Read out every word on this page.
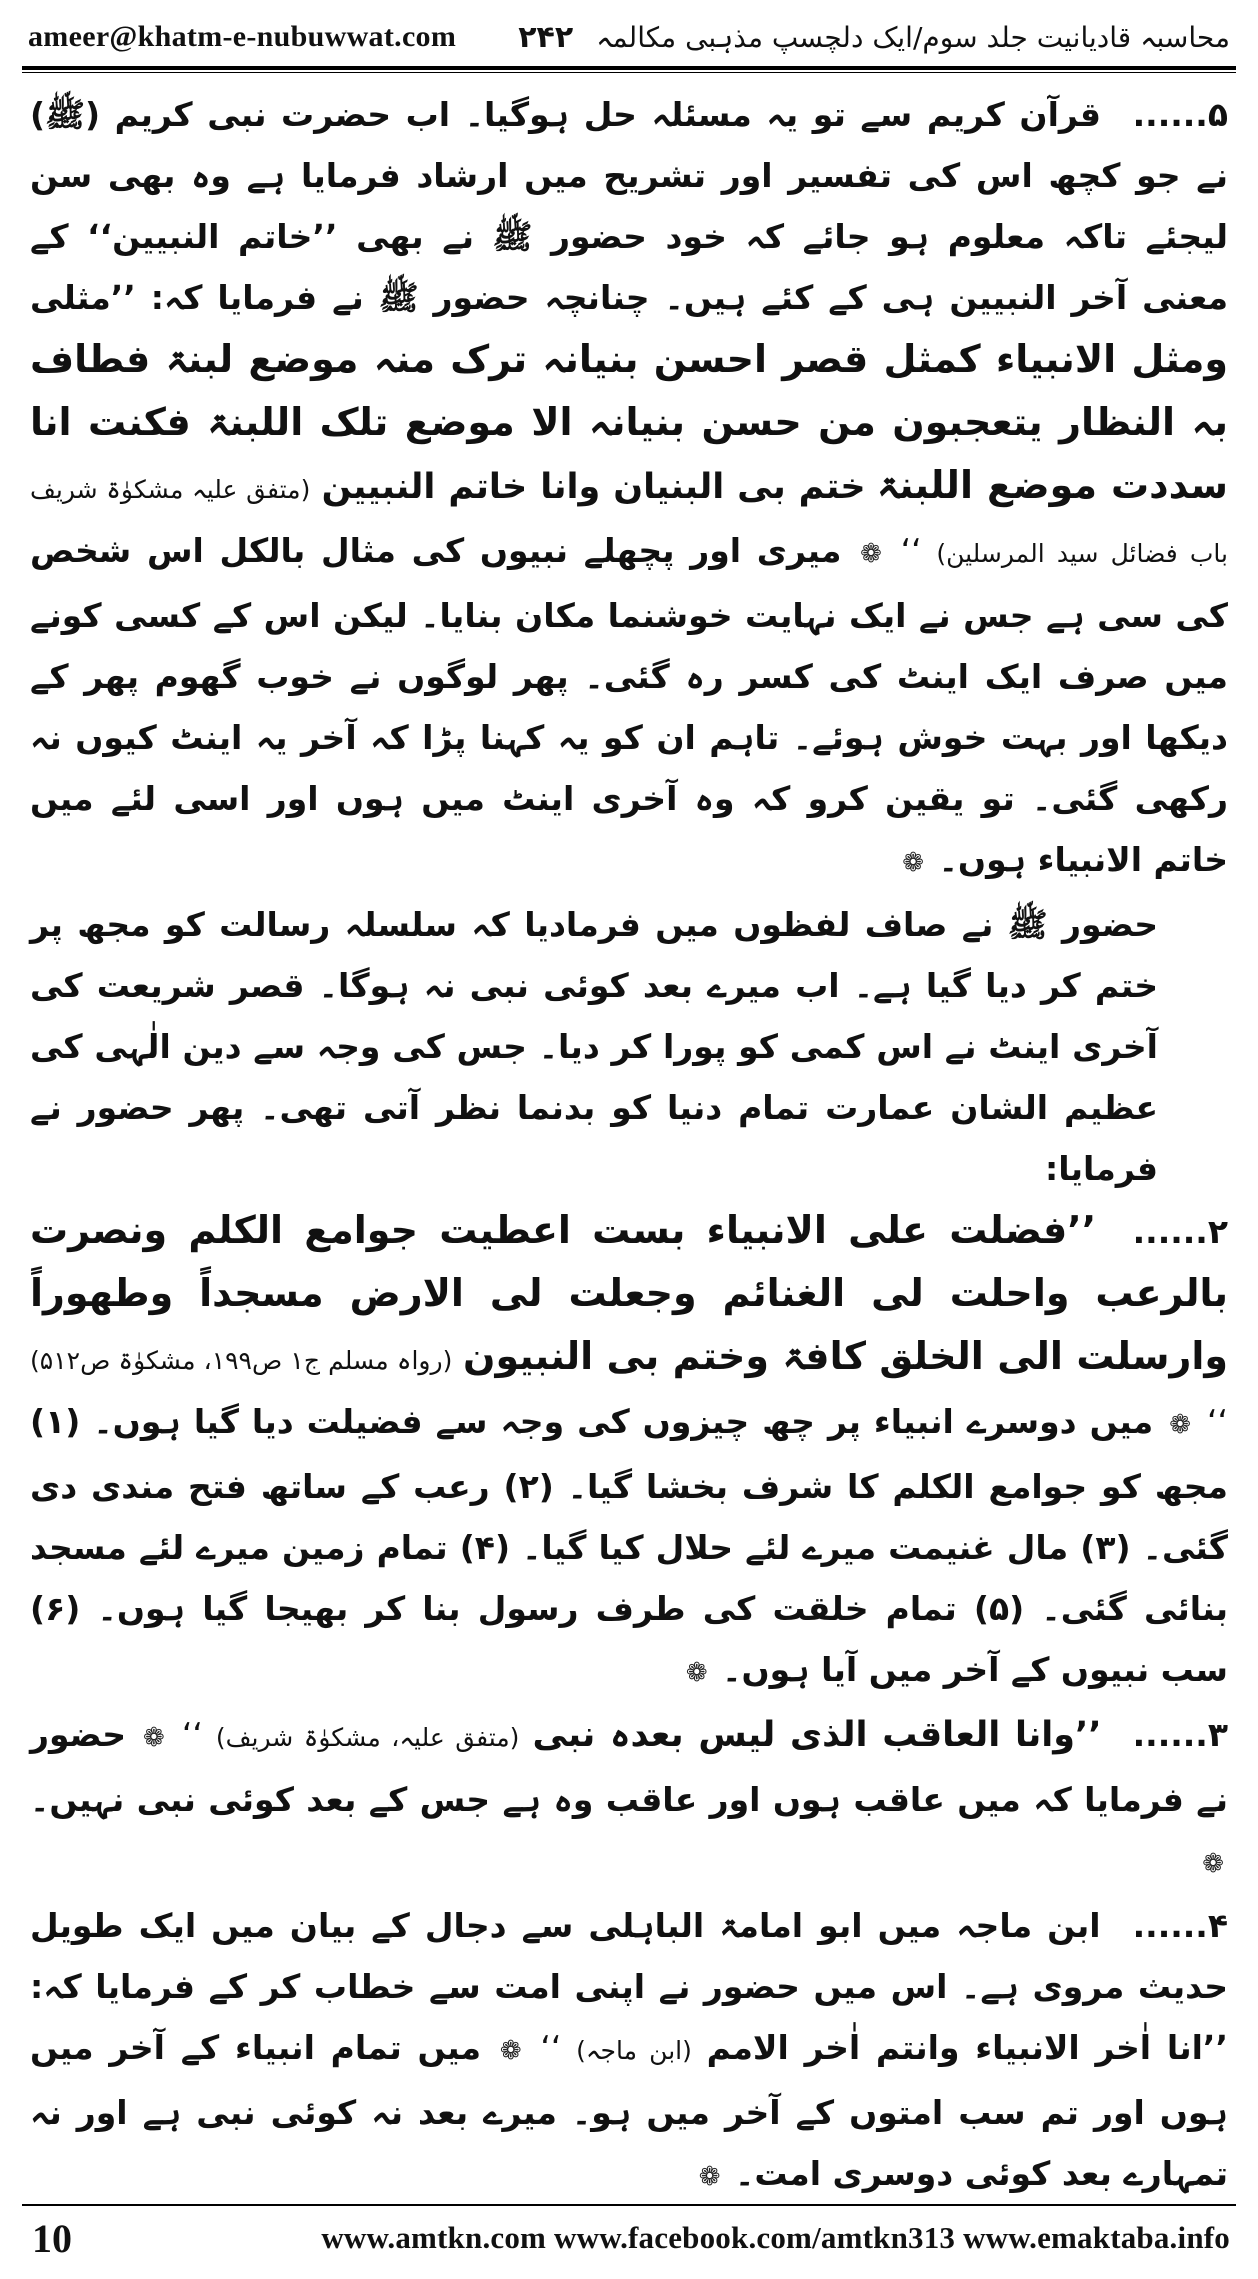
ameer@khatm-e-nubuwwat.com	محاسبہ قادیانیت جلد سوم/ایک دلچسپ مذہبی مکالمہ ۲۴۲

۵...... قرآن کریم سے تو یہ مسئلہ حل ہوگیا۔ اب حضرت نبی کریم (ﷺ) نے جو کچھ اس کی تفسیر اور تشریح میں ارشاد فرمایا ہے وہ بھی سن لیجئے تاکہ معلوم ہو جائے کہ خود حضور ﷺ نے بھی ’’خاتم النبیین‘‘ کے معنی آخر النبیین ہی کے کئے ہیں۔ چنانچہ حضور ﷺ نے فرمایا کہ: ’’مثلی ومثل الانبیاء کمثل قصر احسن بنیانہ ترک منہ موضع لبنۃ فطاف بہ النظار یتعجبون من حسن بنیانہ الا موضع تلک اللبنۃ فکنت انا سددت موضع اللبنۃ ختم بی البنیان وانا خاتم النبیین (متفق علیہ مشکوٰۃ شریف باب فضائل سید المرسلین) ‘‘ ❁ میری اور پچھلے نبیوں کی مثال بالکل اس شخص کی سی ہے جس نے ایک نہایت خوشنما مکان بنایا۔ لیکن اس کے کسی کونے میں صرف ایک اینٹ کی کسر رہ گئی۔ پھر لوگوں نے خوب گھوم پھر کے دیکھا اور بہت خوش ہوئے۔ تاہم ان کو یہ کہنا پڑا کہ آخر یہ اینٹ کیوں نہ رکھی گئی۔ تو یقین کرو کہ وہ آخری اینٹ میں ہوں اور اسی لئے میں خاتم الانبیاء ہوں۔ ❁

حضور ﷺ نے صاف لفظوں میں فرمادیا کہ سلسلہ رسالت کو مجھ پر ختم کر دیا گیا ہے۔ اب میرے بعد کوئی نبی نہ ہوگا۔ قصر شریعت کی آخری اینٹ نے اس کمی کو پورا کر دیا۔ جس کی وجہ سے دین الٰہی کی عظیم الشان عمارت تمام دنیا کو بدنما نظر آتی تھی۔ پھر حضور نے فرمایا:

۲...... ’’فضلت علی الانبیاء بست اعطیت جوامع الکلم ونصرت بالرعب واحلت لی الغنائم وجعلت لی الارض مسجداً وطھوراً وارسلت الی الخلق کافۃ وختم بی النبیون (رواہ مسلم ج۱ ص۱۹۹، مشکوٰۃ ص۵۱۲) ‘‘ ❁ میں دوسرے انبیاء پر چھ چیزوں کی وجہ سے فضیلت دیا گیا ہوں۔ (۱) مجھ کو جوامع الکلم کا شرف بخشا گیا۔ (۲) رعب کے ساتھ فتح مندی دی گئی۔ (۳) مال غنیمت میرے لئے حلال کیا گیا۔ (۴) تمام زمین میرے لئے مسجد بنائی گئی۔ (۵) تمام خلقت کی طرف رسول بنا کر بھیجا گیا ہوں۔ (۶) سب نبیوں کے آخر میں آیا ہوں۔ ❁

۳...... ’’وانا العاقب الذی لیس بعدہ نبی (متفق علیہ، مشکوٰۃ شریف) ‘‘ ❁ حضور نے فرمایا کہ میں عاقب ہوں اور عاقب وہ ہے جس کے بعد کوئی نبی نہیں۔ ❁

۴...... ابن ماجہ میں ابو امامۃ الباہلی سے دجال کے بیان میں ایک طویل حدیث مروی ہے۔ اس میں حضور نے اپنی امت سے خطاب کر کے فرمایا کہ: ’’انا اٰخر الانبیاء وانتم اٰخر الامم (ابن ماجہ) ‘‘ ❁ میں تمام انبیاء کے آخر میں ہوں اور تم سب امتوں کے آخر میں ہو۔ میرے بعد نہ کوئی نبی ہے اور نہ تمہارے بعد کوئی دوسری امت۔ ❁

10	www.amtkn.com www.facebook.com/amtkn313 www.emaktaba.info
